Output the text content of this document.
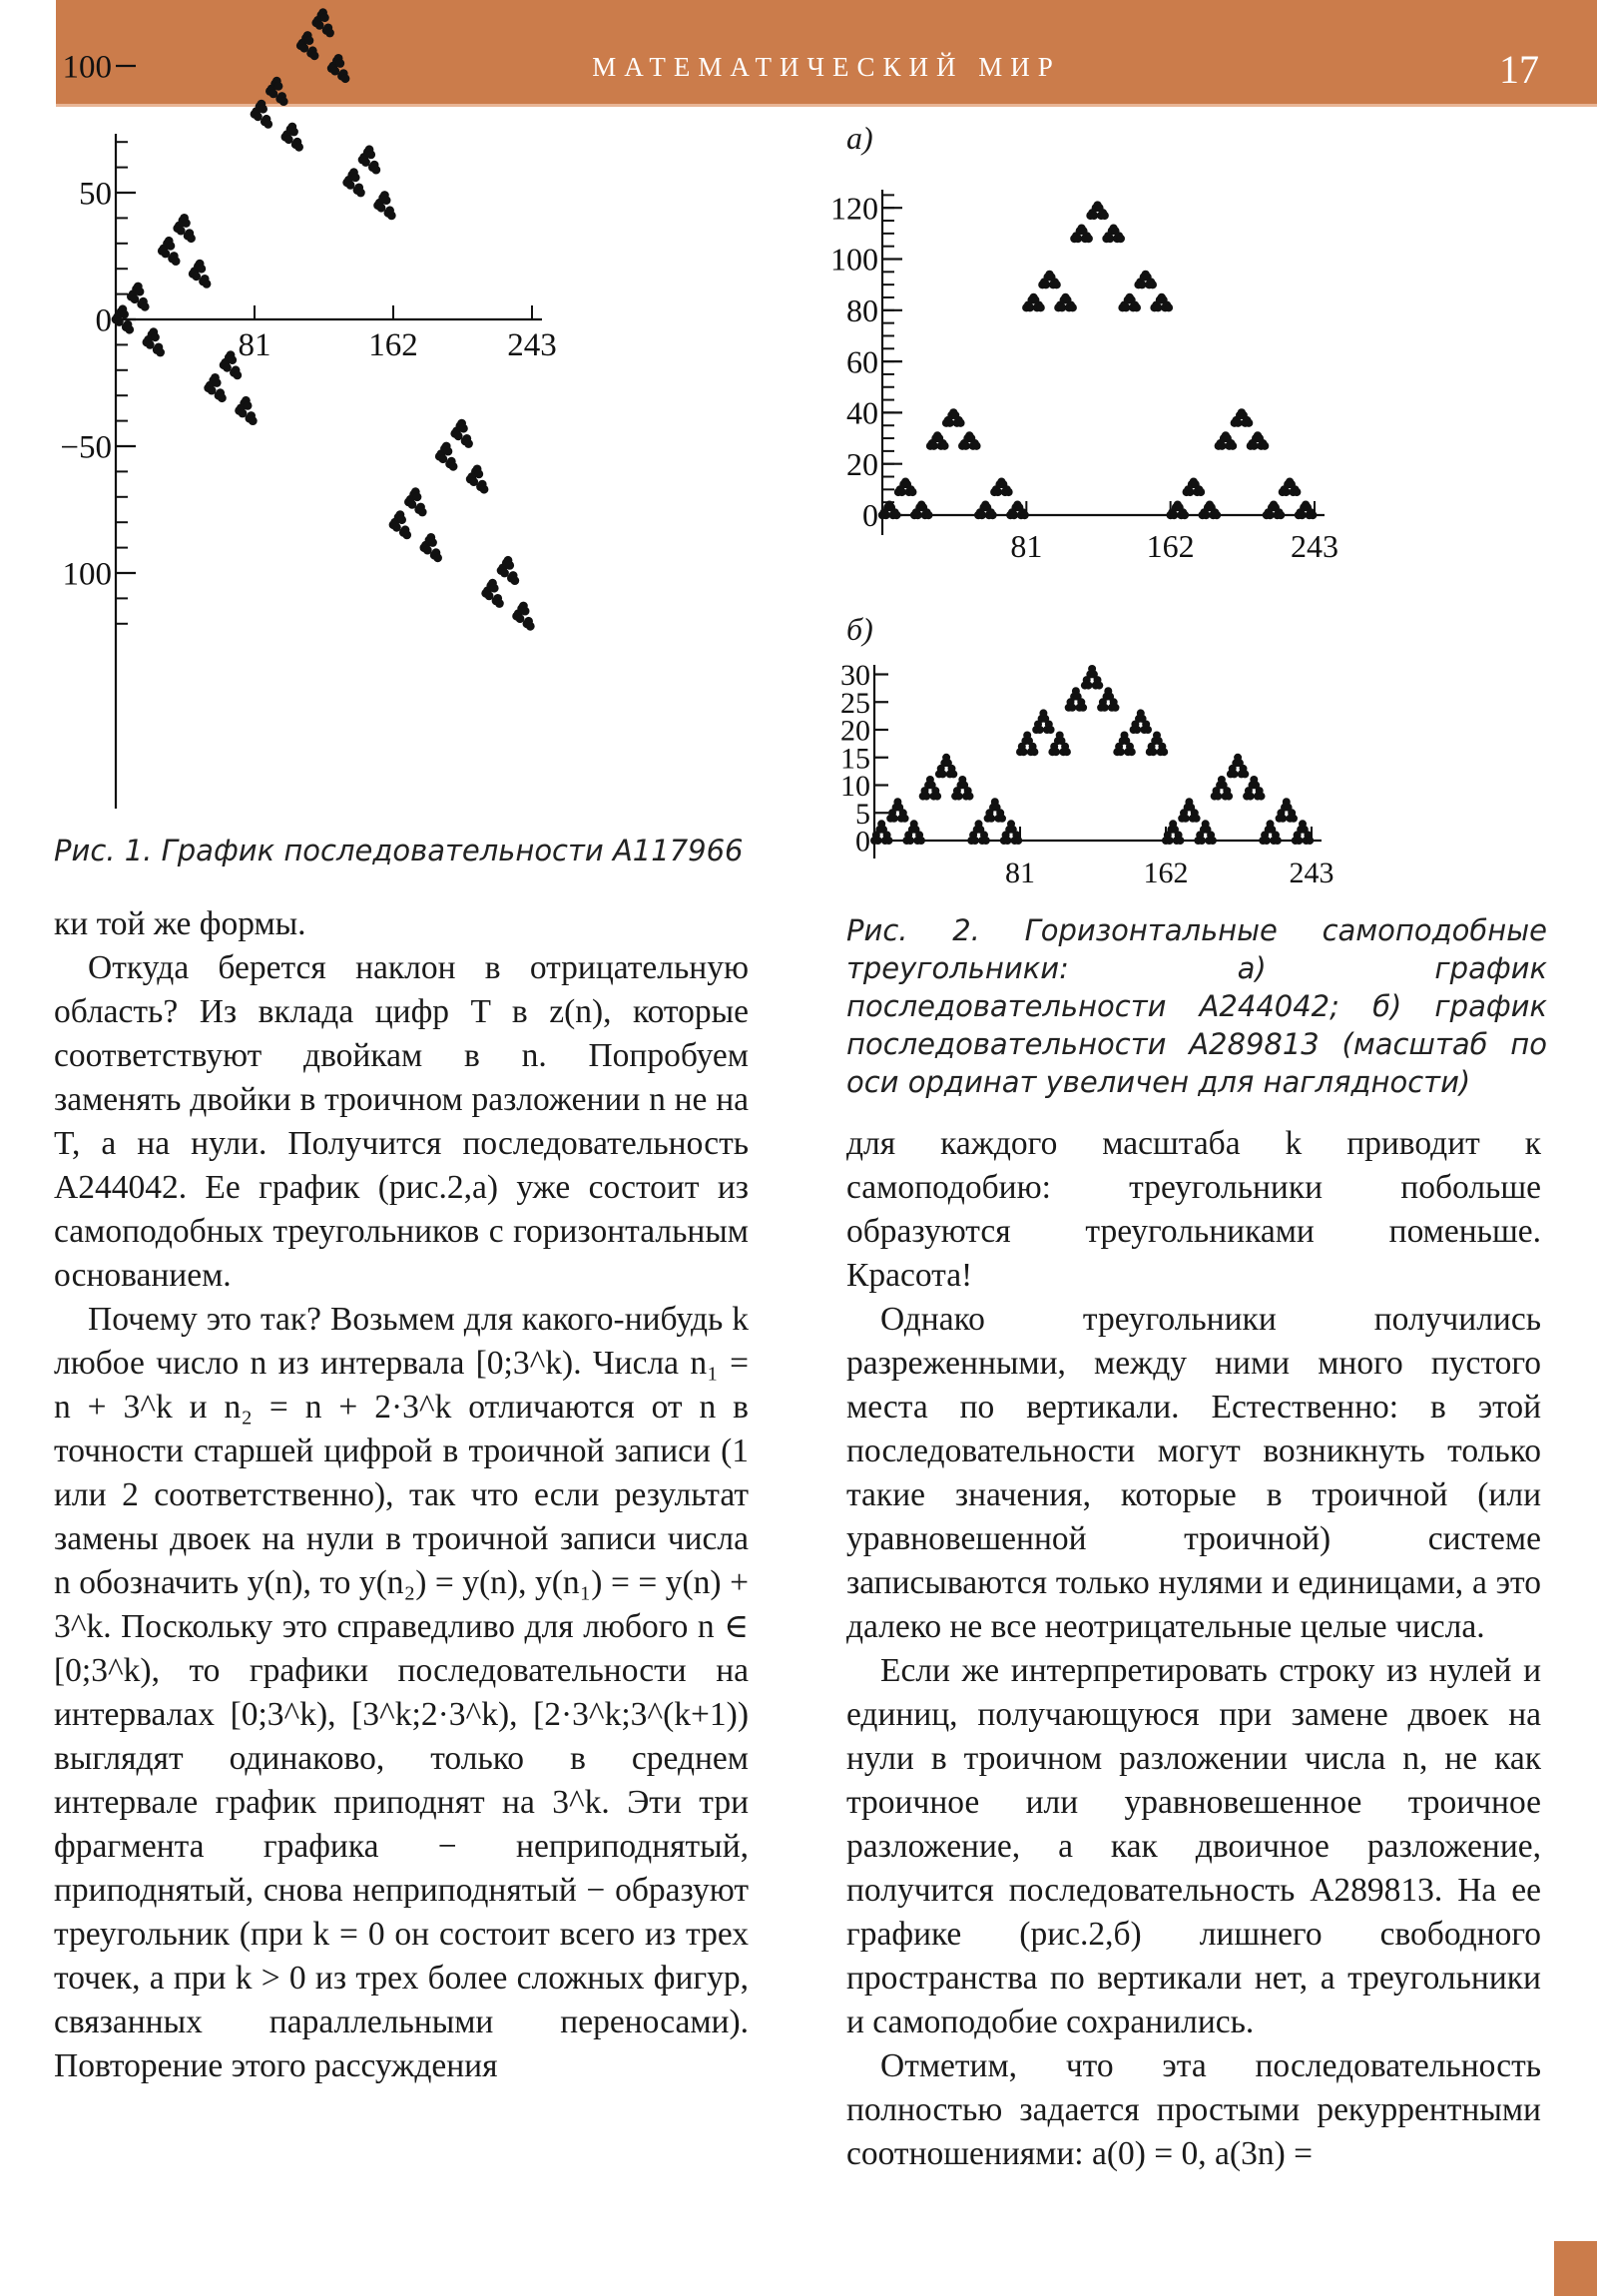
МАТЕМАТИЧЕСКИЙ МИР	17
100
50
0
−50
100
81	162	243
Рис. 1. График последовательности A117966
а)
0
20
40
60
80
100
120
81	162	243
б)
0
5
10
15
20
25
30
81	162	243
Рис. 2. Горизонтальные самоподобные треугольники: а) график последовательности A244042; б) график последовательности A289813 (масштаб по оси ординат увеличен для наглядности)

ки той же формы.

Откуда берется наклон в отрицательную область? Из вклада цифр T в z(n), которые соответствуют двойкам в n. Попробуем заменять двойки в троичном разложении n не на T, а на нули. Получится последовательность A244042. Ее график (рис.2,а) уже состоит из самоподобных треугольников с горизонтальным основанием.

Почему это так? Возьмем для какого-нибудь k любое число n из интервала [0;3^k). Числа n₁ = n + 3^k и n₂ = n + 2·3^k отличаются от n в точности старшей цифрой в троичной записи (1 или 2 соответственно), так что если результат замены двоек на нули в троичной записи числа n обозначить y(n), то y(n₂) = y(n), y(n₁) = = y(n) + 3^k. Поскольку это справедливо для любого n ∈ [0;3^k), то графики последовательности на интервалах [0;3^k), [3^k;2·3^k), [2·3^k;3^(k+1)) выглядят одинаково, только в среднем интервале график приподнят на 3^k. Эти три фрагмента графика − неприподнятый, приподнятый, снова неприподнятый − образуют треугольник (при k = 0 он состоит всего из трех точек, а при k > 0 из трех более сложных фигур, связанных параллельными переносами). Повторение этого рассуждения

для каждого масштаба k приводит к самоподобию: треугольники побольше образуются треугольниками поменьше. Красота!

Однако треугольники получились разреженными, между ними много пустого места по вертикали. Естественно: в этой последовательности могут возникнуть только такие значения, которые в троичной (или уравновешенной троичной) системе записываются только нулями и единицами, а это далеко не все неотрицательные целые числа.

Если же интерпретировать строку из нулей и единиц, получающуюся при замене двоек на нули в троичном разложении числа n, не как троичное или уравновешенное троичное разложение, а как двоичное разложение, получится последовательность A289813. На ее графике (рис.2,б) лишнего свободного пространства по вертикали нет, а треугольники и самоподобие сохранились.

Отметим, что эта последовательность полностью задается простыми рекуррентными соотношениями: a(0) = 0, a(3n) =
